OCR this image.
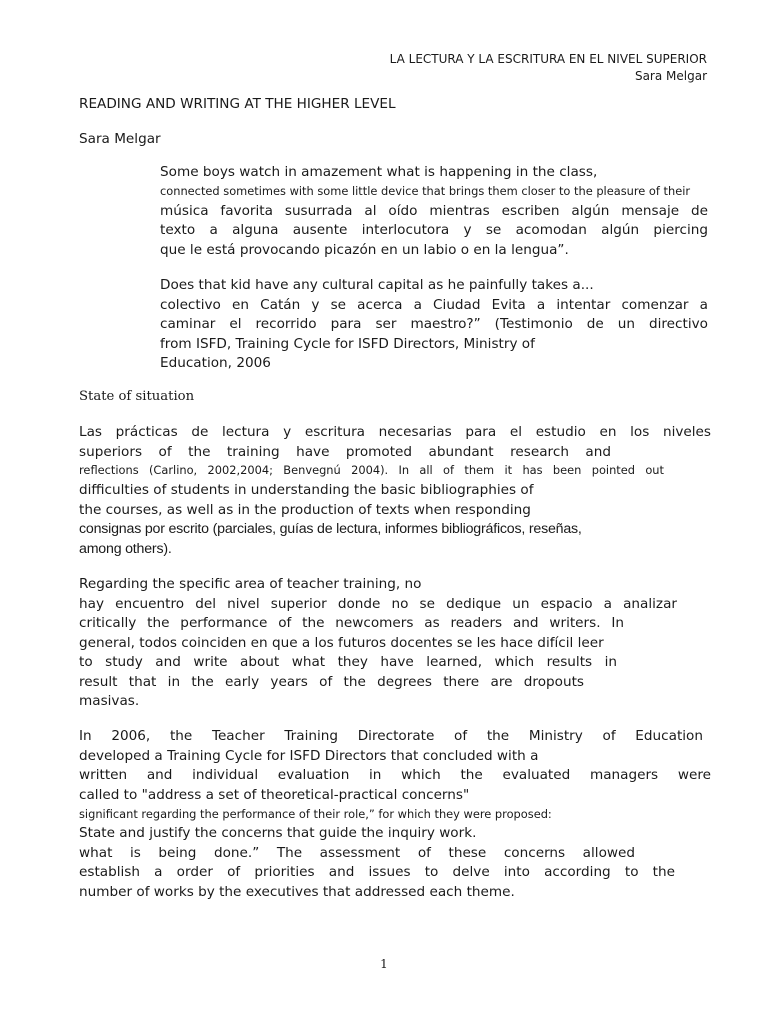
LA LECTURA Y LA ESCRITURA EN EL NIVEL SUPERIOR
Sara Melgar
READING AND WRITING AT THE HIGHER LEVEL
Sara Melgar
Some boys watch in amazement what is happening in the class,
connected sometimes with some little device that brings them closer to the pleasure of their
música favorita susurrada al oído mientras escriben algún mensaje de
texto a alguna ausente interlocutora y se acomodan algún piercing
que le está provocando picazón en un labio o en la lengua”.
Does that kid have any cultural capital as he painfully takes a...
colectivo en Catán y se acerca a Ciudad Evita a intentar comenzar a
caminar el recorrido para ser maestro?” (Testimonio de un directivo
from ISFD, Training Cycle for ISFD Directors, Ministry of
Education, 2006
State of situation
Las prácticas de lectura y escritura necesarias para el estudio en los niveles
superiors of the training have promoted abundant research and
reflections (Carlino, 2002,2004; Benvegnú 2004). In all of them it has been pointed out
difficulties of students in understanding the basic bibliographies of
the courses, as well as in the production of texts when responding
consignas por escrito (parciales, guías de lectura, informes bibliográficos, reseñas,
among others).
Regarding the specific area of teacher training, no
hay encuentro del nivel superior donde no se dedique un espacio a analizar
critically the performance of the newcomers as readers and writers. In
general, todos coinciden en que a los futuros docentes se les hace difícil leer
to study and write about what they have learned, which results in
result that in the early years of the degrees there are dropouts
masivas.
In 2006, the Teacher Training Directorate of the Ministry of Education
developed a Training Cycle for ISFD Directors that concluded with a
written and individual evaluation in which the evaluated managers were
called to "address a set of theoretical-practical concerns"
significant regarding the performance of their role,” for which they were proposed:
State and justify the concerns that guide the inquiry work.
what is being done.” The assessment of these concerns allowed
establish a order of priorities and issues to delve into according to the
number of works by the executives that addressed each theme.
1
